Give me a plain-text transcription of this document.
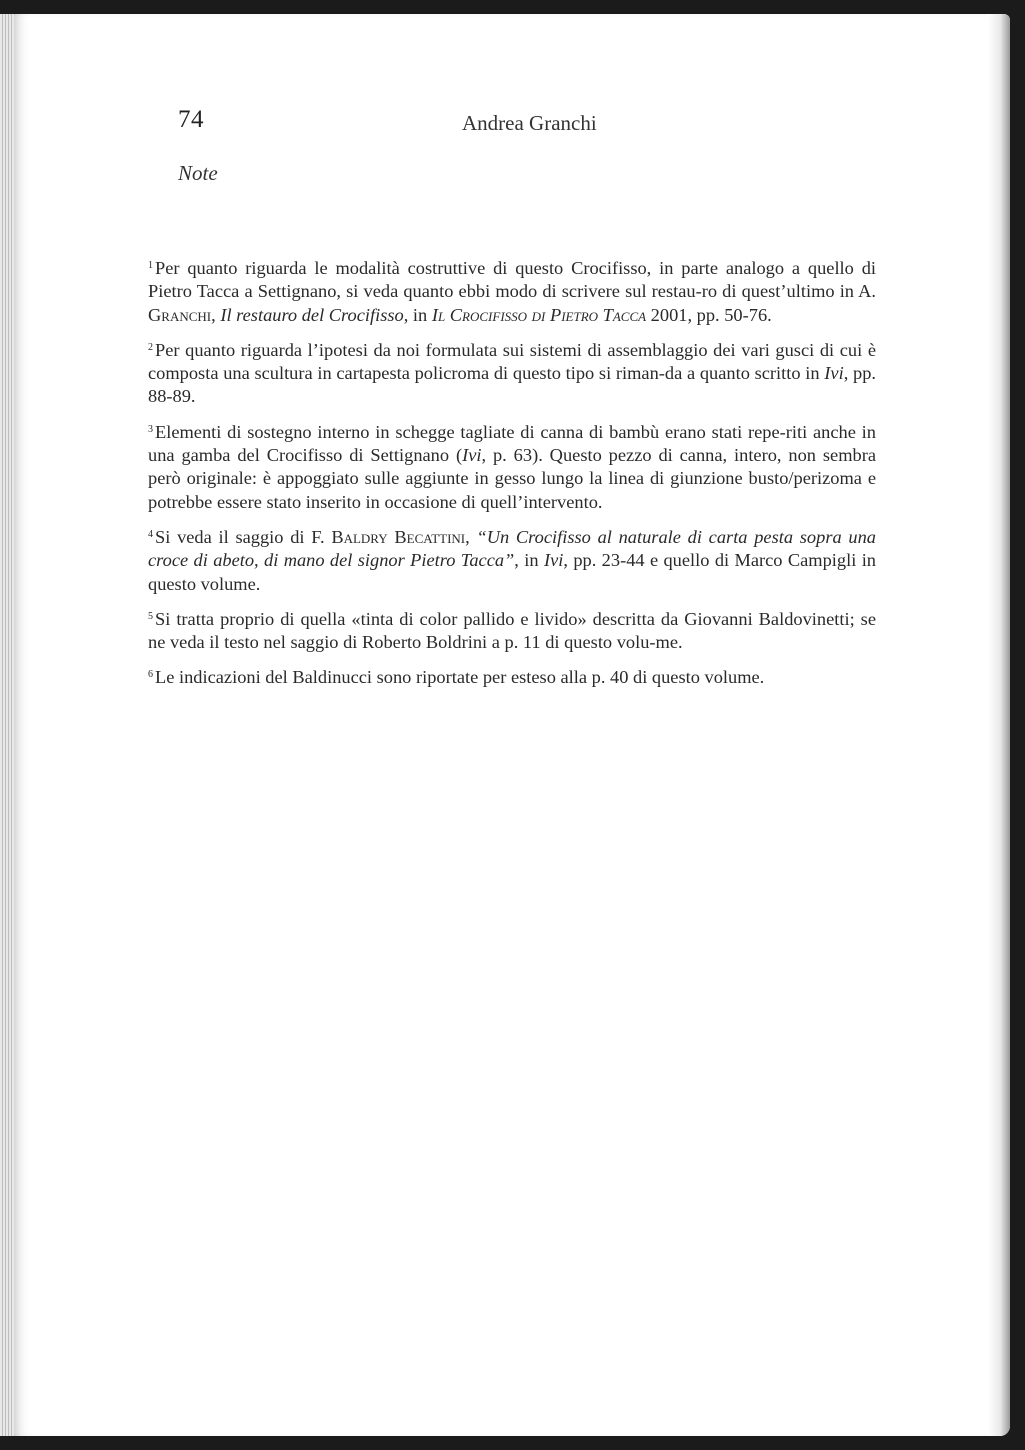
74	Andrea Granchi
Note

$^1$ Per quanto riguarda le modalità costruttive di questo Crocifisso, in parte analogo a quello di Pietro Tacca a Settignano, si veda quanto ebbi modo di scrivere sul restau-ro di quest’ultimo in A. Granchi, Il restauro del Crocifisso, in Il Crocifisso di Pietro Tacca 2001, pp. 50-76.

$^2$ Per quanto riguarda l’ipotesi da noi formulata sui sistemi di assemblaggio dei vari gusci di cui è composta una scultura in cartapesta policroma di questo tipo si riman-da a quanto scritto in Ivi, pp. 88-89.

$^3$ Elementi di sostegno interno in schegge tagliate di canna di bambù erano stati repe-riti anche in una gamba del Crocifisso di Settignano (Ivi, p. 63). Questo pezzo di canna, intero, non sembra però originale: è appoggiato sulle aggiunte in gesso lungo la linea di giunzione busto/perizoma e potrebbe essere stato inserito in occasione di quell’intervento.

$^4$ Si veda il saggio di F. Baldry Becattini, “Un Crocifisso al naturale di carta pesta sopra una croce di abeto, di mano del signor Pietro Tacca”, in Ivi, pp. 23-44 e quello di Marco Campigli in questo volume.

$^5$ Si tratta proprio di quella «tinta di color pallido e livido» descritta da Giovanni Baldovinetti; se ne veda il testo nel saggio di Roberto Boldrini a p. 11 di questo volu-me.

$^6$ Le indicazioni del Baldinucci sono riportate per esteso alla p. 40 di questo volume.
